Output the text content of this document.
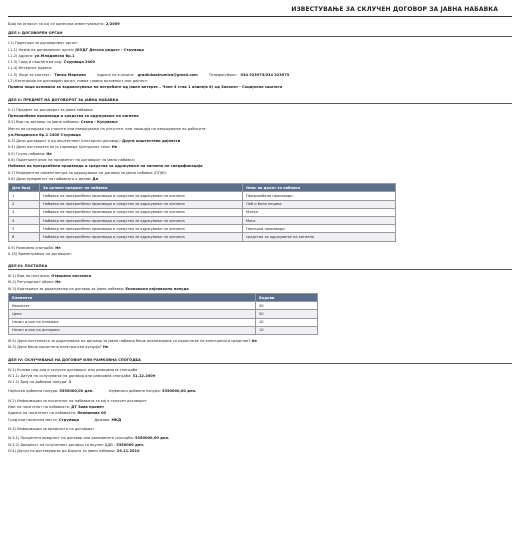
ИЗВЕСТУВАЊЕ ЗА СКЛУЧЕН ДОГОВОР ЗА ЈАВНА НАБАВКА
Број на огласот за кој се однесува известувањето: 2/2009
ДЕЛ I: ДОГОВОРЕН ОРГАН
I.1) Податоци за договорниот орган:
I.1.1) Назив на договорниот орган: ЈОУДГ Детска радост - Струмица
I.1.2) Адреса: ул.Младинска бр.1
I.1.3) Град и поштенски код: Струмица 2400
I.1.4) Интернет адреса:
I.1.5) Лице за контакт: Тинка Маркова	Адреса на е-пошта: gradinkastrumica@gmail.com	Телефон/Факс: 034 323975/034 323975
I.2) Категорија на договорен орган, нивна главна активност или дејност:
Правно лице основано за задоволување на потребите од јавен интерес – Член 4 став 1 алинеја 6) од Законот - Социјална заштита
ДЕЛ II: ПРЕДМЕТ НА ДОГОВОРОТ ЗА ЈАВНА НАБАВКА
II.1) Предмет на договорот за јавна набавка:
Прехранбени производи и средства за одржување на хигиена
II.2) Вид на договор за јавна набавка: Стоки - Купување
Место на испорака на стоките или извршување на услугите, или локација на извршување на работите:
ул.Младинска бр.1 2400 Струмица
II.3) Дали договорот е од општествен (секторски договор): Други општестени дејности
II.4) Дали постапката ќе ја спроведе Централно тело: Не
II.5) Група набавки: Не
II.6) Подетален опис на предметот на договорот за јавна набавка:
Набавка на прехранбени производи и средства за одржување на хигиена по спецификација
II.7) Референтна номенклатура за одредување на договор за јавна набавка (ОПЈН):
II.8) Дали предметот на набавката е делив: Да
Дел број	За целиот предмет на набавка	Опис на делот за набавка
1	Набавка на прехранбени производи и средства за одржување на хигиена	Прехранбени производи
2	Набавка на прехранбени производи и средства за одржување на хигиена	Леб и бели пецива
3	Набавка на прехранбени производи и средства за одржување на хигиена	Млеко
4	Набавка на прехранбени производи и средства за одржување на хигиена	Месо
5	Набавка на прехранбени производи и средства за одржување на хигиена	Пилешки производи
6	Набавка на прехранбени производи и средства за одржување на хигиена	средства за одржување на хигиена
II.9) Рамковна спогодба: Не
II.10) Времетраење на договорот:
ДЕЛ III: ПОСТАПКА
III.1) Вид на постапка: Отворена постапка
III.2) Регуларност образ: Не
III.3) Критериум за доделување на договор за јавна набавка: Економски најповолна понуда
Елементи	Бодови
Квалитет	30
Цена	50
Начин и рок на плаќање	10
Начин и рок на испорака	10
III.4) Дали постапката за доделување на договор за јавна набавка беше реализирана со користење на електронски средства? Не
III.5) Дали беше користена електронска аукција? Не
ДЕЛ IV: СКЛУЧУВАЊЕ НА ДОГОВОР ИЛИ РАМКОВНА СПОГОДБА
IV.1) Услови под кои е склучен договорот или рамковната спогодба
IV.1.1) Датум на склучување на договор или рамковна спогодба: 31.12.2009
IV.1.2) Број на добиени понуди: 1
Најниска добиена понуда: 5350000,00 ден.	Највисока добиена понуда: 5350000,00 ден.
IV.2) Информации за носителот на набавката за кој е склучен договорот
Име на носителот на набавката: ДТ Зова промет
Адреса на носителот на набавката: Леонинова 00
Град или населено место: Струмица	Држава: МКД
IV.3) Информации за вредноста на договорот
IV.3.1) Проценета вредност на договор или рамковната спогодба: 5350000,00 ден.
IV.3.2) Вредност на склучениот договор со вкупен ДДВ : 5350000 ден.
IV.4) Датум на доставување до Бирото за јавни набавки: 29.11.2010
